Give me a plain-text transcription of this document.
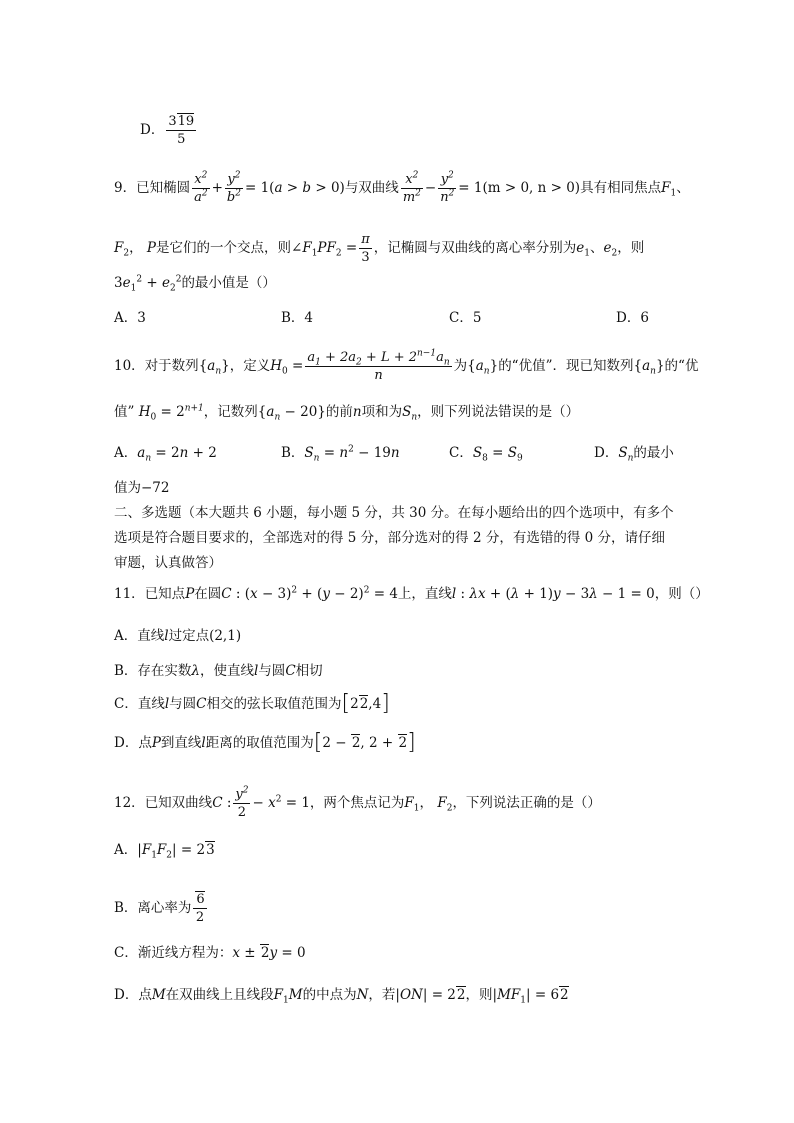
D． $\frac{319}{5}$
9．已知椭圆 $\frac{x^2}{a^2} + \frac{y^2}{b^2} = 1(a > b > 0)$与双曲线 $\frac{x^2}{m^2} - \frac{y^2}{n^2} = 1(m > 0$, n > 0)具有相同焦点$F_1$、
$F_2$， P是它们的一个交点，则$\angle F_1PF_2 = \frac{\pi}{3}$ ，记椭圆与双曲线的离心率分别为$e_1$、$e_2$，则
$3e_1^2 + e_2^2$的最小值是（）
A．3	B．4	C．5	D．6
10．对于数列$\{a_n\}$，定义$H_0 = \frac{a_1 + 2a_2 + L + 2^{n-1}a_n}{n}$ 为$\{a_n\}$的“优值”．现已知数列$\{a_n\}$的“优
值” $H_0 = 2^{n+1}$，记数列$\{a_n - 20\}$的前n项和为$S_n$，则下列说法错误的是（）
A．$a_n = 2n + 2$	B．$S_n = n^2 - 19n$	C．$S_8 = S_9$	D．$S_n$的最小
值为−72
二、多选题（本大题共 6 小题，每小题 5 分，共 30 分。在每小题给出的四个选项中，有多个
选项是符合题目要求的，全部选对的得 5 分，部分选对的得 2 分，有选错的得 0 分，请仔细
审题，认真做答）
11．已知点P在圆C : $(x - 3)^2 + (y - 2)^2 = 4$上，直线l : λx + (λ + 1)y − 3λ − 1 = 0，则（）
A．直线l过定点(2,1)
B．存在实数λ，使直线l与圆C相切
C．直线l与圆C相交的弦长取值范围为[22,4]
D．点P到直线l距离的取值范围为[2 − 2, 2 + 2]
12．已知双曲线C : $\frac{y^2}{2} - x^2 = 1$，两个焦点记为$F_1$， $F_2$，下列说法正确的是（）
A．$|F_1F_2| = 23$
B．离心率为 $\frac{6}{2}$
C．渐近线方程为：x ± 2y = 0
D．点M在双曲线上且线段$F_1M$的中点为N，若|ON| = 22，则$|MF_1| = 62$
